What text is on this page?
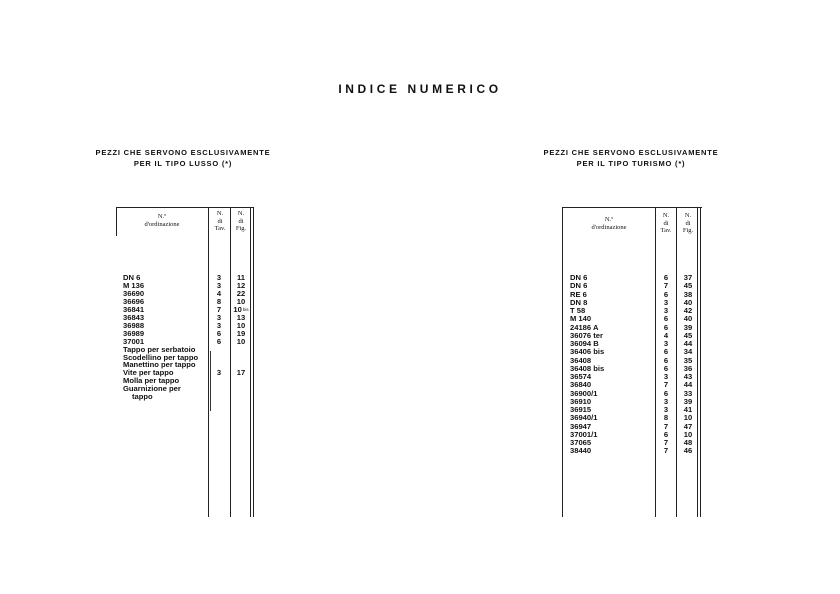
INDICE NUMERICO
PEZZI CHE SERVONO ESCLUSIVAMENTE
PER IL TIPO LUSSO (*)
N.º
d'ordinazione
N.
di
Tav.
N.
di
Fig.
DN 6	3	11
M 136	3	12
36690	4	22
36696	8	10
36841	7	$10^{bis}$
36843	3	13
36988	3	10
36989	6	19
37001	6	10
Tappo per serbatoio
Scodellino per tappo
Manettino per tappo
Vite per tappo	3	17
Molla per tappo
Guarnizione per
tappo
PEZZI CHE SERVONO ESCLUSIVAMENTE
PER IL TIPO TURISMO (*)
N.º
d'ordinazione
N.
di
Tav.
N.
di
Fig.
DN 6	6	37
DN 6	7	45
RE 6	6	38
DN 8	3	40
T 58	3	42
M 140	6	40
24186 A	6	39
36076 ter	4	45
36094 B	3	44
36406 bis	6	34
36408	6	35
36408 bis	6	36
36574	3	43
36840	7	44
36900/1	6	33
36910	3	39
36915	3	41
36940/1	8	10
36947	7	47
37001/1	6	10
37065	7	48
38440	7	46
